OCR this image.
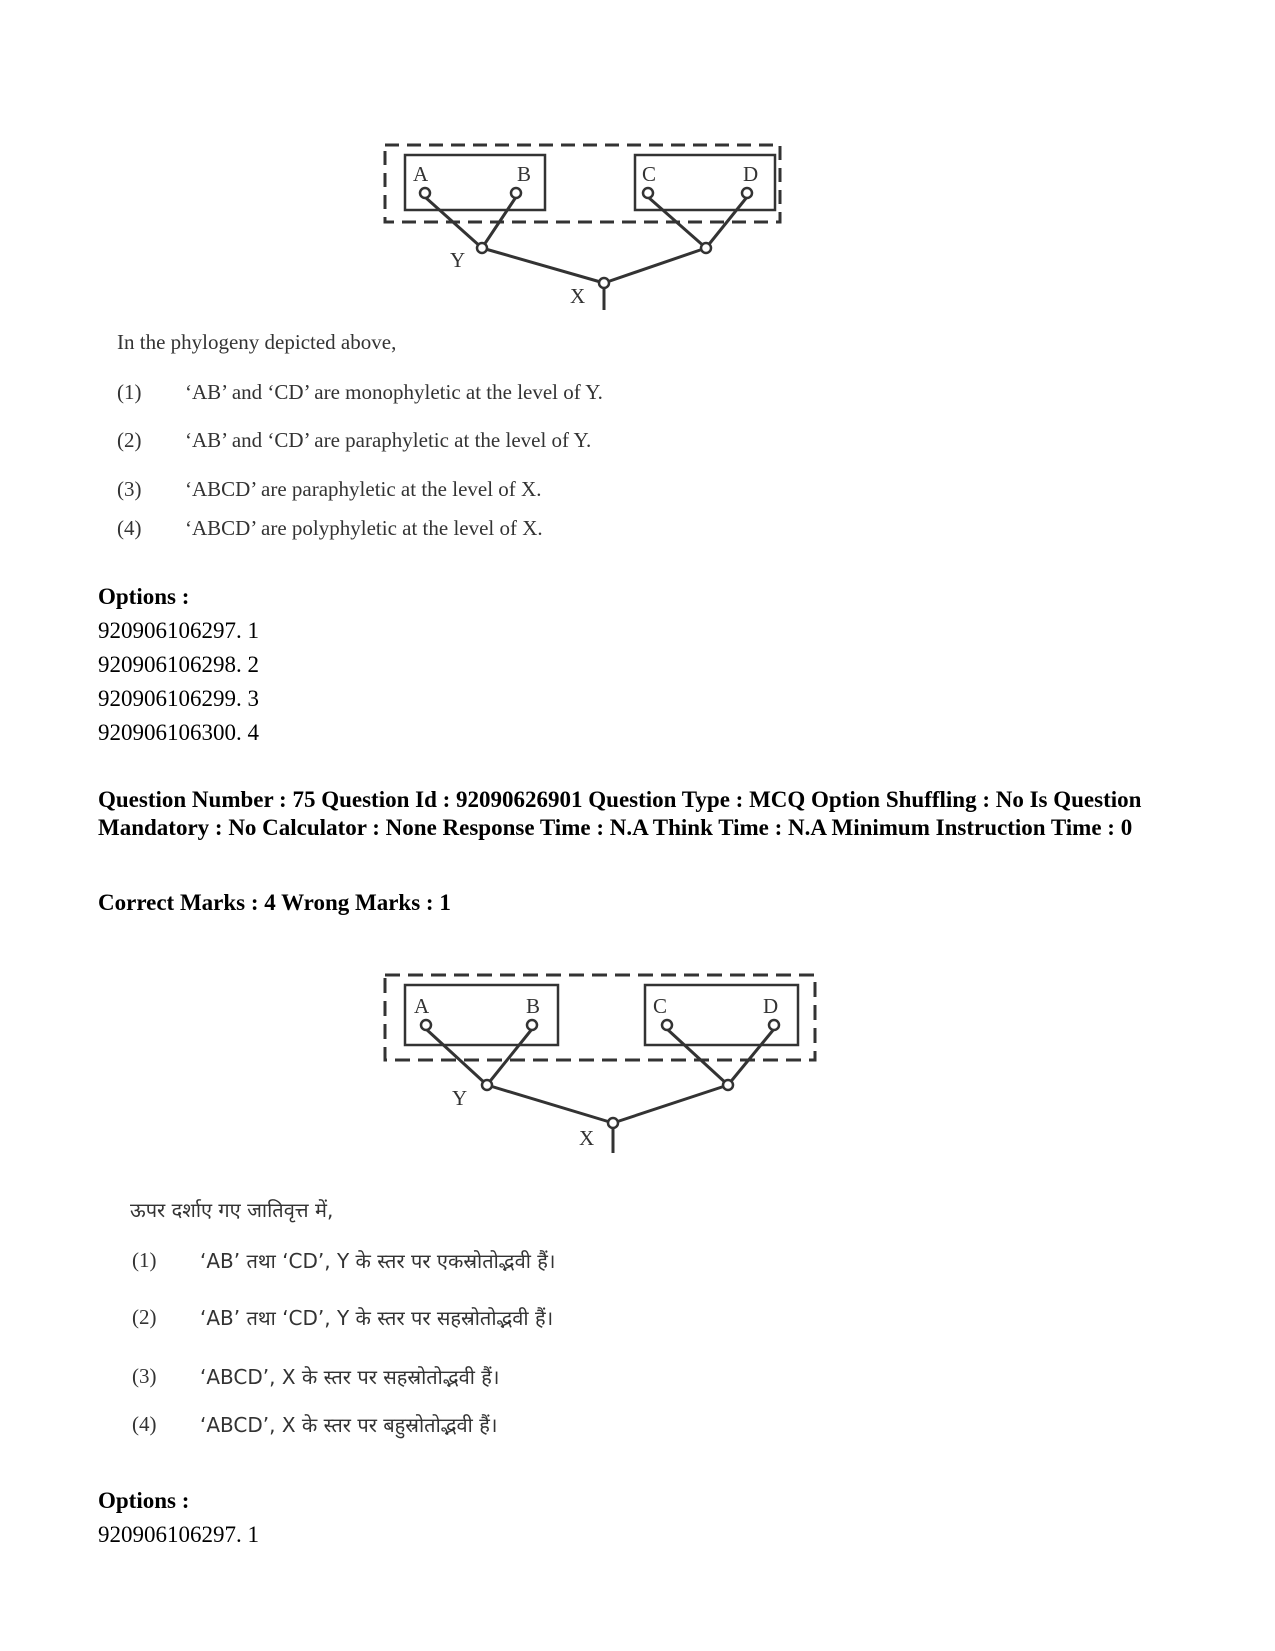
A	B	C	D
Y
X
In the phylogeny depicted above,
(1) ‘AB’ and ‘CD’ are monophyletic at the level of Y.
(2) ‘AB’ and ‘CD’ are paraphyletic at the level of Y.
(3) ‘ABCD’ are paraphyletic at the level of X.
(4) ‘ABCD’ are polyphyletic at the level of X.
Options :
920906106297. 1
920906106298. 2
920906106299. 3
920906106300. 4
Question Number : 75 Question Id : 92090626901 Question Type : MCQ Option Shuffling : No Is Question Mandatory : No Calculator : None Response Time : N.A Think Time : N.A Minimum Instruction Time : 0
Correct Marks : 4 Wrong Marks : 1
A	B	C	D
Y
X
ऊपर दर्शाए गए जातिवृत्त में,
(1) ‘AB’ तथा ‘CD’, Y के स्तर पर एकस्रोतोद्भवी हैं।
(2) ‘AB’ तथा ‘CD’, Y के स्तर पर सहस्रोतोद्भवी हैं।
(3) ‘ABCD’, X के स्तर पर सहस्रोतोद्भवी हैं।
(4) ‘ABCD’, X के स्तर पर बहुस्रोतोद्भवी हैं।
Options :
920906106297. 1
